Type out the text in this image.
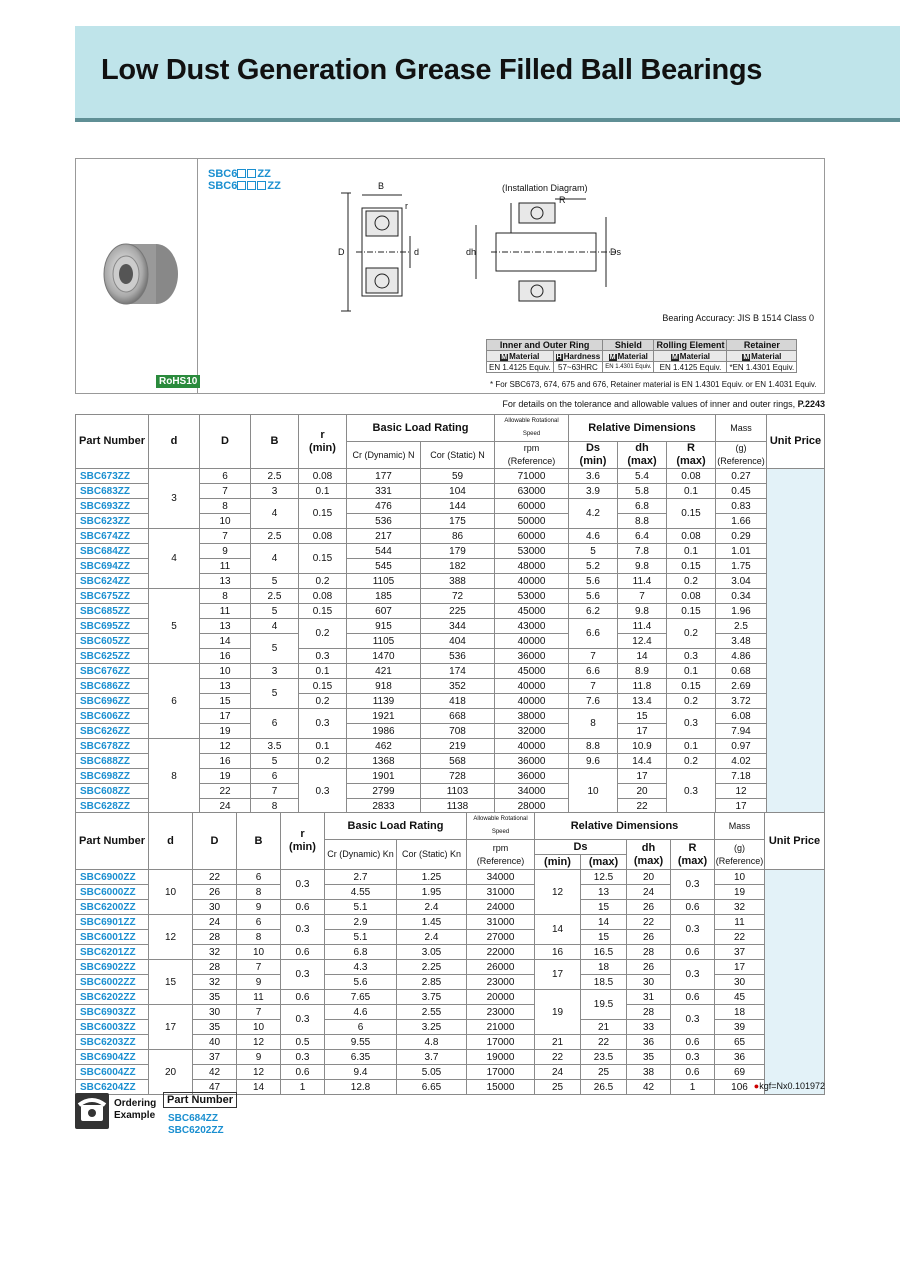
Low Dust Generation Grease Filled Ball Bearings
RoHS10
SBC6 ZZ
SBC6	ZZ	B
D	d
r
(Installation Diagram)
R
dh	Ds
Bearing Accuracy: JIS B 1514 Class 0
Inner and Outer Ring		Shield	Rolling Element	Retainer
M Material	H Hardness	M Material	M Material	M Material
EN 1.4125 Equiv.	57~63HRC	EN 1.4301 Equiv.	EN 1.4125 Equiv.	*EN 1.4301 Equiv.
* For SBC673, 674, 675 and 676, Retainer material is EN 1.4301 Equiv. or EN 1.4031 Equiv.
For details on the tolerance and allowable values of inner and outer rings, P.2243
Part Number	d	D	B	r
(min)	Basic Load Rating		Allowable Rotational Speed	Relative Dimensions			Mass	Unit Price
					Cr (Dynamic) N	Cor (Static) N	rpm
(Reference)	Ds
(min)	dh
(max)	R
(max)	(g)
(Reference)	
SBC673ZZ	3	6	2.5	0.08	177	59	71000	3.6	5.4	0.08	0.27	
SBC683ZZ		7	3	0.1	331	104	63000	3.9	5.8	0.1	0.45	
SBC693ZZ		8	4	0.15	476	144	60000	4.2	6.8	0.15	0.83	
SBC623ZZ		10			536	175	50000		8.8		1.66	
SBC674ZZ	4	7	2.5	0.08	217	86	60000	4.6	6.4	0.08	0.29	
SBC684ZZ		9	4	0.15	544	179	53000	5	7.8	0.1	1.01	
SBC694ZZ		11			545	182	48000	5.2	9.8	0.15	1.75	
SBC624ZZ		13	5	0.2	1105	388	40000	5.6	11.4	0.2	3.04	
SBC675ZZ	5	8	2.5	0.08	185	72	53000	5.6	7	0.08	0.34	
SBC685ZZ		11	5	0.15	607	225	45000	6.2	9.8	0.15	1.96	
SBC695ZZ		13	4	0.2	915	344	43000	6.6	11.4	0.2	2.5	
SBC605ZZ		14	5		1105	404	40000		12.4		3.48	
SBC625ZZ		16		0.3	1470	536	36000	7	14	0.3	4.86	
SBC676ZZ	6	10	3	0.1	421	174	45000	6.6	8.9	0.1	0.68	
SBC686ZZ		13	5	0.15	918	352	40000	7	11.8	0.15	2.69	
SBC696ZZ		15		0.2	1139	418	40000	7.6	13.4	0.2	3.72	
SBC606ZZ		17	6	0.3	1921	668	38000	8	15	0.3	6.08	
SBC626ZZ		19			1986	708	32000		17		7.94	
SBC678ZZ	8	12	3.5	0.1	462	219	40000	8.8	10.9	0.1	0.97	
SBC688ZZ		16	5	0.2	1368	568	36000	9.6	14.4	0.2	4.02	
SBC698ZZ		19	6	0.3	1901	728	36000	10	17	0.3	7.18	
SBC608ZZ		22	7		2799	1103	34000		20		12	
SBC628ZZ		24	8		2833	1138	28000		22		17	
Part Number	d	D	B	r
(min)	Basic Load Rating		Allowable Rotational Speed	Relative Dimensions				Mass	Unit Price
					Cr (Dynamic) Kn	Cor (Static) Kn	rpm
(Reference)	Ds		dh
(max)	R
(max)	(g)
(Reference)	
								(min)	(max)				
SBC6900ZZ	10	22	6	0.3	2.7	1.25	34000	12	12.5	20	0.3	10	
SBC6000ZZ		26	8		4.55	1.95	31000		13	24		19	
SBC6200ZZ		30	9	0.6	5.1	2.4	24000		15	26	0.6	32	
SBC6901ZZ	12	24	6	0.3	2.9	1.45	31000	14	14	22	0.3	11	
SBC6001ZZ		28	8		5.1	2.4	27000		15	26		22	
SBC6201ZZ		32	10	0.6	6.8	3.05	22000	16	16.5	28	0.6	37	
SBC6902ZZ	15	28	7	0.3	4.3	2.25	26000	17	18	26	0.3	17	
SBC6002ZZ		32	9		5.6	2.85	23000		18.5	30		30	
SBC6202ZZ		35	11	0.6	7.65	3.75	20000	19	19.5	31	0.6	45	
SBC6903ZZ	17	30	7	0.3	4.6	2.55	23000			28	0.3	18	
SBC6003ZZ		35	10		6	3.25	21000		21	33		39	
SBC6203ZZ		40	12	0.5	9.55	4.8	17000	21	22	36	0.6	65	
SBC6904ZZ	20	37	9	0.3	6.35	3.7	19000	22	23.5	35	0.3	36	
SBC6004ZZ		42	12	0.6	9.4	5.05	17000	24	25	38	0.6	69	
SBC6204ZZ		47	14	1	12.8	6.65	15000	25	26.5	42	1	106	●kgf=Nx0.101972
Ordering Example
Part Number
SBC684ZZ
SBC6202ZZ
